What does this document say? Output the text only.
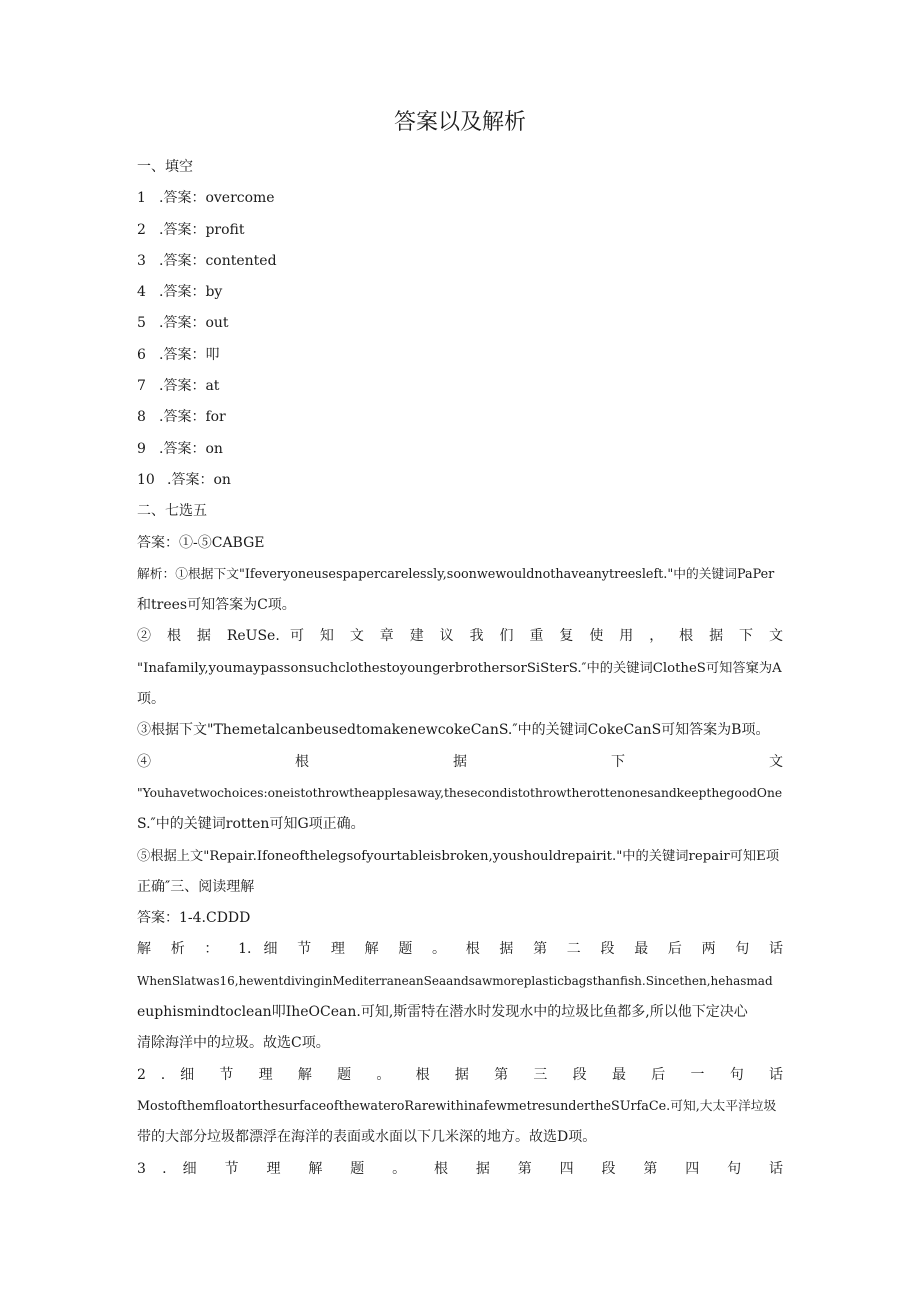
答案以及解析
一、填空
1 .答案：overcome
2 .答案：profit
3 .答案：contented
4 .答案：by
5 .答案：out
6 .答案：叩
7 .答案：at
8 .答案：for
9 .答案：on
10 .答案：on
二、七选五
答案：①-⑤CABGE
解析：①根据下文"Ifeveryoneusespapercarelessly,soonwewouldnothaveanytreesleft."中的关键词PaPer
和trees可知答案为C项。
② 根 据 ReUSe. 可 知 文 章 建 议 我 们 重 复 使 用 ， 根 据 下 文
"Inafamily,youmaypassonsuchclothestoyoungerbrothersorSiSterS.″中的关键词ClotheS可知答窠为A
项。
③根据下文"ThemetalcanbeusedtomakenewcokeCanS.″中的关键词CokeCanS可知答案为B项。
④ 根 据 下 文
"Youhavetwochoices:oneistothrowtheapplesaway,thesecondistothrowtherottenonesandkeepthegoodOne
S.″中的关键词rotten可知G项正确。
⑤根据上文"Repair.Ifoneofthelegsofyourtableisbroken,youshouldrepairit."中的关键词repair可知E项
正确″三、阅读理解
答案：1-4.CDDD
解 析 ： 1. 细 节 理 解 题 。 根 据 第 二 段 最 后 两 句 话
WhenSlatwas16,hewentdivinginMediterraneanSeaandsawmoreplasticbagsthanfish.Sincethen,hehasmad
euphismindtoclean叩IheOCean.可知,斯雷特在潜水时发现水中的垃圾比鱼都多,所以他下定决心
清除海洋中的垃圾。故选C项。
2 . 细 节 理 解 题 。 根 据 第 三 段 最 后 一 句 话
MostofthemfloatorthesurfaceofthewateroRarewithinafewmetresundertheSUrfaCe.可知,大太平洋垃圾
带的大部分垃圾都漂浮在海洋的表面或水面以下几米深的地方。故选D项。
3 . 细 节 理 解 题 。 根 据 第 四 段 第 四 句 话
